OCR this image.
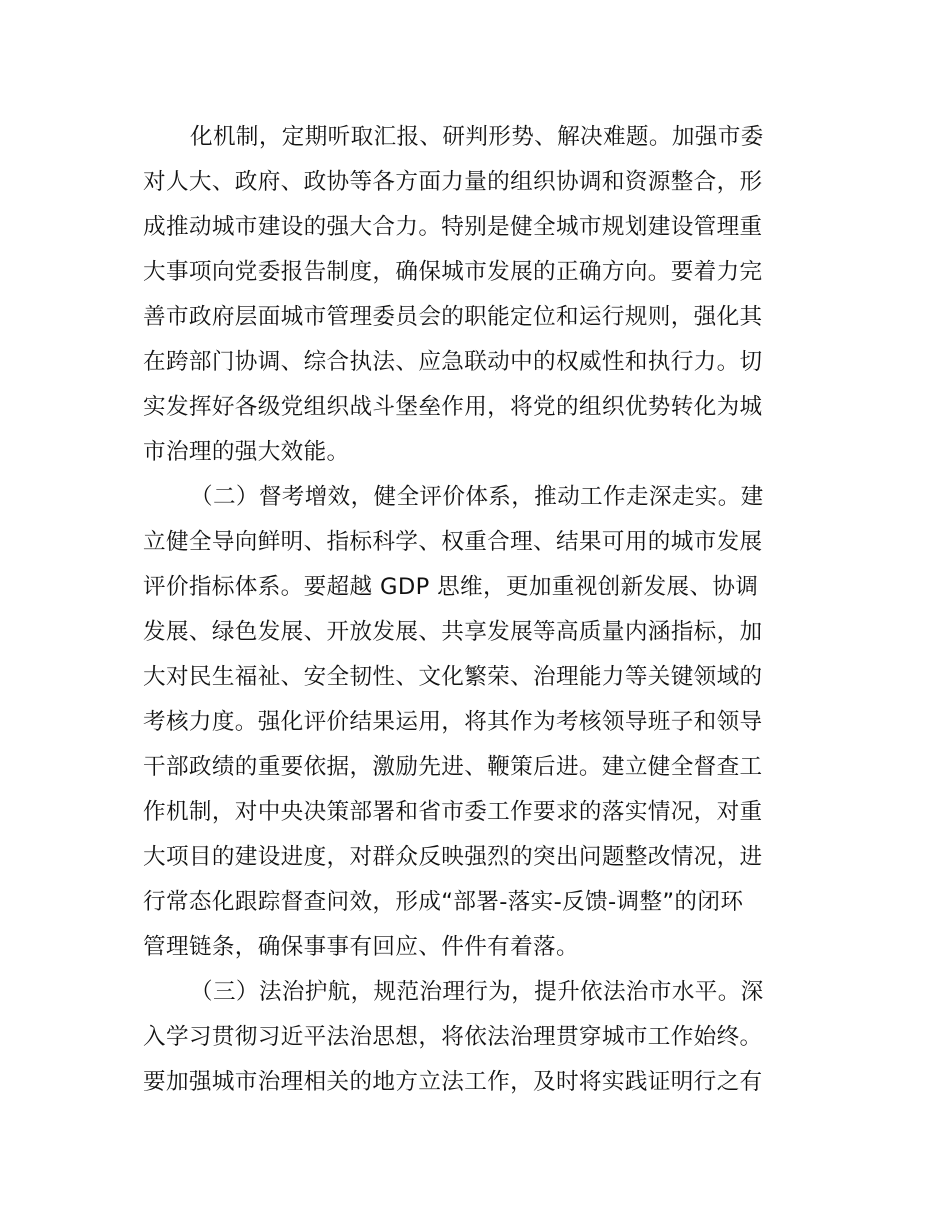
化机制，定期听取汇报、研判形势、解决难题。加强市委
对人大、政府、政协等各方面力量的组织协调和资源整合，形
成推动城市建设的强大合力。特别是健全城市规划建设管理重
大事项向党委报告制度，确保城市发展的正确方向。要着力完
善市政府层面城市管理委员会的职能定位和运行规则，强化其
在跨部门协调、综合执法、应急联动中的权威性和执行力。切
实发挥好各级党组织战斗堡垒作用，将党的组织优势转化为城
市治理的强大效能。
（二）督考增效，健全评价体系，推动工作走深走实。建
立健全导向鲜明、指标科学、权重合理、结果可用的城市发展
评价指标体系。要超越 GDP 思维，更加重视创新发展、协调
发展、绿色发展、开放发展、共享发展等高质量内涵指标，加
大对民生福祉、安全韧性、文化繁荣、治理能力等关键领域的
考核力度。强化评价结果运用，将其作为考核领导班子和领导
干部政绩的重要依据，激励先进、鞭策后进。建立健全督查工
作机制，对中央决策部署和省市委工作要求的落实情况，对重
大项目的建设进度，对群众反映强烈的突出问题整改情况，进
行常态化跟踪督查问效，形成“部署-落实-反馈-调整”的闭环
管理链条，确保事事有回应、件件有着落。
（三）法治护航，规范治理行为，提升依法治市水平。深
入学习贯彻习近平法治思想，将依法治理贯穿城市工作始终。
要加强城市治理相关的地方立法工作，及时将实践证明行之有
